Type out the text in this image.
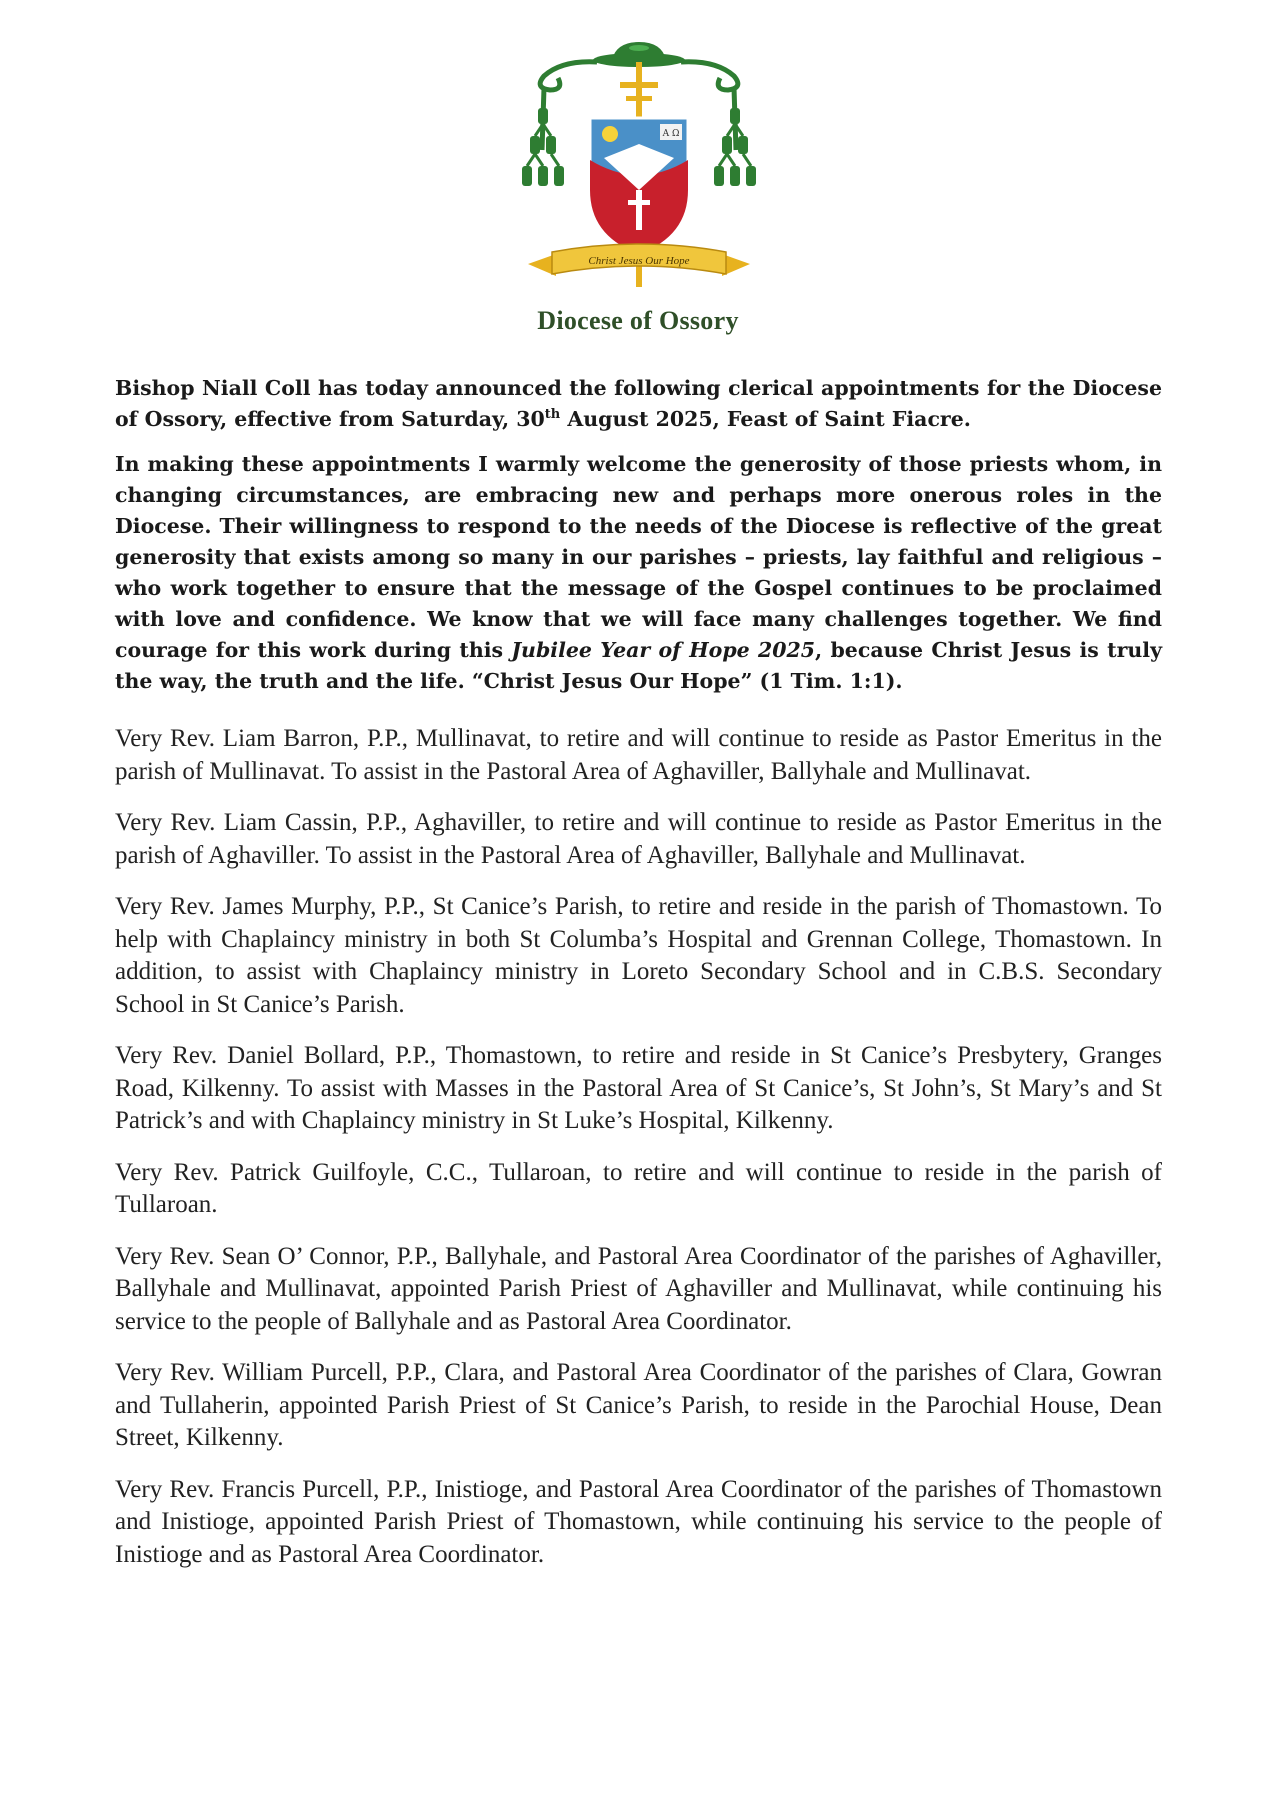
A Ω
Christ Jesus Our Hope
Diocese of Ossory

Bishop Niall Coll has today announced the following clerical appointments for the Diocese of Ossory, effective from Saturday, 30th August 2025, Feast of Saint Fiacre.

In making these appointments I warmly welcome the generosity of those priests whom, in changing circumstances, are embracing new and perhaps more onerous roles in the Diocese. Their willingness to respond to the needs of the Diocese is reflective of the great generosity that exists among so many in our parishes – priests, lay faithful and religious – who work together to ensure that the message of the Gospel continues to be proclaimed with love and confidence. We know that we will face many challenges together. We find courage for this work during this Jubilee Year of Hope 2025, because Christ Jesus is truly the way, the truth and the life. “Christ Jesus Our Hope” (1 Tim. 1:1).

Very Rev. Liam Barron, P.P., Mullinavat, to retire and will continue to reside as Pastor Emeritus in the parish of Mullinavat. To assist in the Pastoral Area of Aghaviller, Ballyhale and Mullinavat.

Very Rev. Liam Cassin, P.P., Aghaviller, to retire and will continue to reside as Pastor Emeritus in the parish of Aghaviller. To assist in the Pastoral Area of Aghaviller, Ballyhale and Mullinavat.

Very Rev. James Murphy, P.P., St Canice’s Parish, to retire and reside in the parish of Thomastown. To help with Chaplaincy ministry in both St Columba’s Hospital and Grennan College, Thomastown. In addition, to assist with Chaplaincy ministry in Loreto Secondary School and in C.B.S. Secondary School in St Canice’s Parish.

Very Rev. Daniel Bollard, P.P., Thomastown, to retire and reside in St Canice’s Presbytery, Granges Road, Kilkenny. To assist with Masses in the Pastoral Area of St Canice’s, St John’s, St Mary’s and St Patrick’s and with Chaplaincy ministry in St Luke’s Hospital, Kilkenny.

Very Rev. Patrick Guilfoyle, C.C., Tullaroan, to retire and will continue to reside in the parish of Tullaroan.

Very Rev. Sean O’ Connor, P.P., Ballyhale, and Pastoral Area Coordinator of the parishes of Aghaviller, Ballyhale and Mullinavat, appointed Parish Priest of Aghaviller and Mullinavat, while continuing his service to the people of Ballyhale and as Pastoral Area Coordinator.

Very Rev. William Purcell, P.P., Clara, and Pastoral Area Coordinator of the parishes of Clara, Gowran and Tullaherin, appointed Parish Priest of St Canice’s Parish, to reside in the Parochial House, Dean Street, Kilkenny.

Very Rev. Francis Purcell, P.P., Inistioge, and Pastoral Area Coordinator of the parishes of Thomastown and Inistioge, appointed Parish Priest of Thomastown, while continuing his service to the people of Inistioge and as Pastoral Area Coordinator.
